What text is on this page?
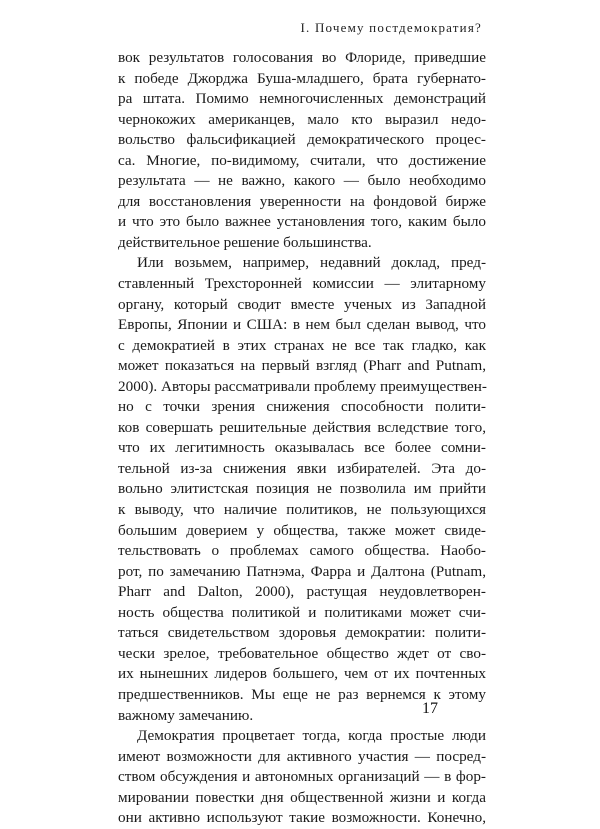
I. Почему постдемократия?
вок результатов голосования во Флориде, приведшие
к победе Джорджа Буша-младшего, брата губернато-
ра штата. Помимо немногочисленных демонстраций
чернокожих американцев, мало кто выразил недо-
вольство фальсификацией демократического процес-
са. Многие, по-видимому, считали, что достижение
результата — не важно, какого — было необходимо
для восстановления уверенности на фондовой бирже
и что это было важнее установления того, каким было
действительное решение большинства.
Или возьмем, например, недавний доклад, пред-
ставленный Трехсторонней комиссии — элитарному
органу, который сводит вместе ученых из Западной
Европы, Японии и США: в нем был сделан вывод, что
с демократией в этих странах не все так гладко, как
может показаться на первый взгляд (Pharr and Putnam,
2000). Авторы рассматривали проблему преимуществен-
но с точки зрения снижения способности полити-
ков совершать решительные действия вследствие того,
что их легитимность оказывалась все более сомни-
тельной из-за снижения явки избирателей. Эта до-
вольно элитистская позиция не позволила им прийти
к выводу, что наличие политиков, не пользующихся
большим доверием у общества, также может свиде-
тельствовать о проблемах самого общества. Наобо-
рот, по замечанию Патнэма, Фарра и Далтона (Putnam,
Pharr and Dalton, 2000), растущая неудовлетворен-
ность общества политикой и политиками может счи-
таться свидетельством здоровья демократии: полити-
чески зрелое, требовательное общество ждет от сво-
их нынешних лидеров большего, чем от их почтенных
предшественников. Мы еще не раз вернемся к этому
важному замечанию.
Демократия процветает тогда, когда простые люди
имеют возможности для активного участия — посред-
ством обсуждения и автономных организаций — в фор-
мировании повестки дня общественной жизни и когда
они активно используют такие возможности. Конечно,
17
